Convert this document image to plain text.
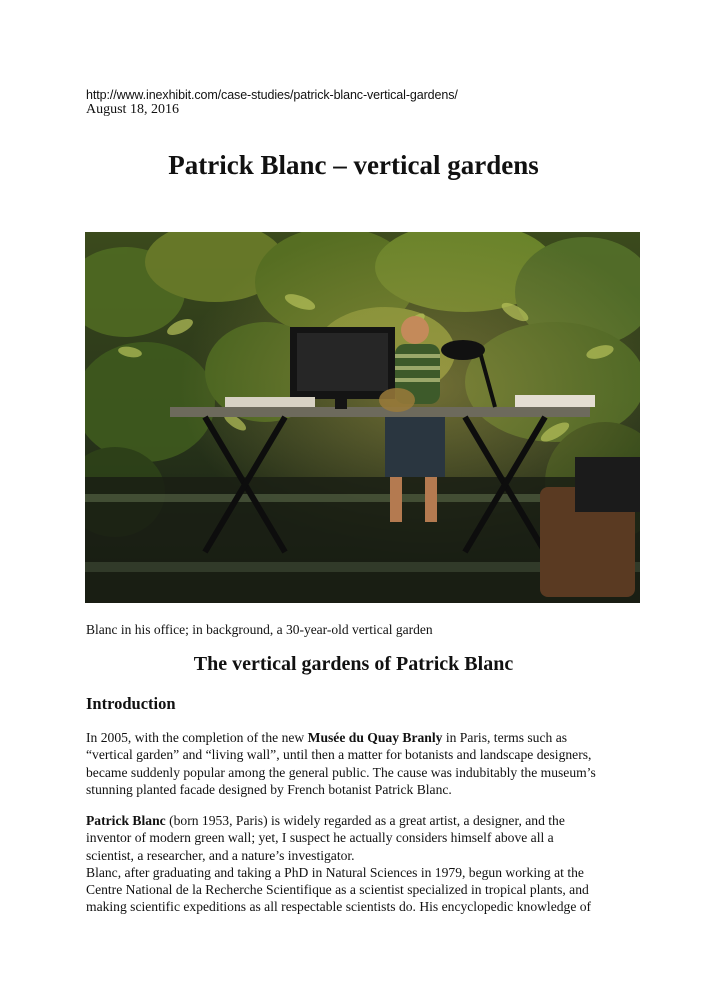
http://www.inexhibit.com/case-studies/patrick-blanc-vertical-gardens/
August 18, 2016
Patrick Blanc – vertical gardens
Blanc in his office; in background, a 30-year-old vertical garden
The vertical gardens of Patrick Blanc
Introduction

In 2005, with the completion of the new Musée du Quay Branly in Paris, terms such as
“vertical garden” and “living wall”, until then a matter for botanists and landscape designers,
became suddenly popular among the general public. The cause was indubitably the museum’s
stunning planted facade designed by French botanist Patrick Blanc.

Patrick Blanc (born 1953, Paris) is widely regarded as a great artist, a designer, and the
inventor of modern green wall; yet, I suspect he actually considers himself above all a
scientist, a researcher, and a nature’s investigator.
Blanc, after graduating and taking a PhD in Natural Sciences in 1979, begun working at the
Centre National de la Recherche Scientifique as a scientist specialized in tropical plants, and
making scientific expeditions as all respectable scientists do. His encyclopedic knowledge of
